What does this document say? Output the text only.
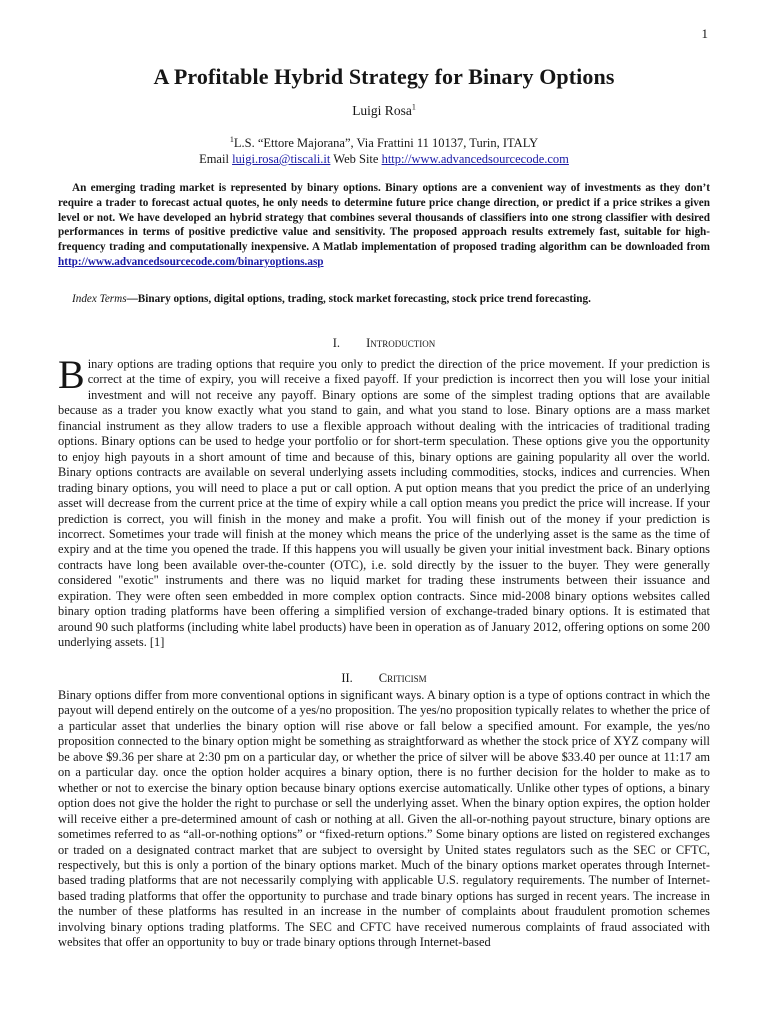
1
A Profitable Hybrid Strategy for Binary Options
Luigi Rosa$^1$
$^1$L.S. “Ettore Majorana”, Via Frattini 11 10137, Turin, ITALY
Email luigi.rosa@tiscali.it Web Site http://www.advancedsourcecode.com

An emerging trading market is represented by binary options. Binary options are a convenient way of investments as they don’t require a trader to forecast actual quotes, he only needs to determine future price change direction, or predict if a price strikes a given level or not. We have developed an hybrid strategy that combines several thousands of classifiers into one strong classifier with desired performances in terms of positive predictive value and sensitivity. The proposed approach results extremely fast, suitable for high-frequency trading and computationally inexpensive. A Matlab implementation of proposed trading algorithm can be downloaded from http://www.advancedsourcecode.com/binaryoptions.asp

Index Terms—Binary options, digital options, trading, stock market forecasting, stock price trend forecasting.

I. Introduction

Binary options are trading options that require you only to predict the direction of the price movement. If your prediction is correct at the time of expiry, you will receive a fixed payoff. If your prediction is incorrect then you will lose your initial investment and will not receive any payoff. Binary options are some of the simplest trading options that are available because as a trader you know exactly what you stand to gain, and what you stand to lose. Binary options are a mass market financial instrument as they allow traders to use a flexible approach without dealing with the intricacies of traditional trading options. Binary options can be used to hedge your portfolio or for short-term speculation. These options give you the opportunity to enjoy high payouts in a short amount of time and because of this, binary options are gaining popularity all over the world. Binary options contracts are available on several underlying assets including commodities, stocks, indices and currencies. When trading binary options, you will need to place a put or call option. A put option means that you predict the price of an underlying asset will decrease from the current price at the time of expiry while a call option means you predict the price will increase. If your prediction is correct, you will finish in the money and make a profit. You will finish out of the money if your prediction is incorrect. Sometimes your trade will finish at the money which means the price of the underlying asset is the same as the time of expiry and at the time you opened the trade. If this happens you will usually be given your initial investment back. Binary options contracts have long been available over-the-counter (OTC), i.e. sold directly by the issuer to the buyer. They were generally considered "exotic" instruments and there was no liquid market for trading these instruments between their issuance and expiration. They were often seen embedded in more complex option contracts. Since mid-2008 binary options websites called binary option trading platforms have been offering a simplified version of exchange-traded binary options. It is estimated that around 90 such platforms (including white label products) have been in operation as of January 2012, offering options on some 200 underlying assets. [1]

II. Criticism

Binary options differ from more conventional options in significant ways. A binary option is a type of options contract in which the payout will depend entirely on the outcome of a yes/no proposition. The yes/no proposition typically relates to whether the price of a particular asset that underlies the binary option will rise above or fall below a specified amount. For example, the yes/no proposition connected to the binary option might be something as straightforward as whether the stock price of XYZ company will be above $9.36 per share at 2:30 pm on a particular day, or whether the price of silver will be above $33.40 per ounce at 11:17 am on a particular day. once the option holder acquires a binary option, there is no further decision for the holder to make as to whether or not to exercise the binary option because binary options exercise automatically. Unlike other types of options, a binary option does not give the holder the right to purchase or sell the underlying asset. When the binary option expires, the option holder will receive either a pre-determined amount of cash or nothing at all. Given the all-or-nothing payout structure, binary options are sometimes referred to as “all-or-nothing options” or “fixed-return options.” Some binary options are listed on registered exchanges or traded on a designated contract market that are subject to oversight by United states regulators such as the SEC or CFTC, respectively, but this is only a portion of the binary options market. Much of the binary options market operates through Internet-based trading platforms that are not necessarily complying with applicable U.S. regulatory requirements. The number of Internet-based trading platforms that offer the opportunity to purchase and trade binary options has surged in recent years. The increase in the number of these platforms has resulted in an increase in the number of complaints about fraudulent promotion schemes involving binary options trading platforms. The SEC and CFTC have received numerous complaints of fraud associated with websites that offer an opportunity to buy or trade binary options through Internet-based
